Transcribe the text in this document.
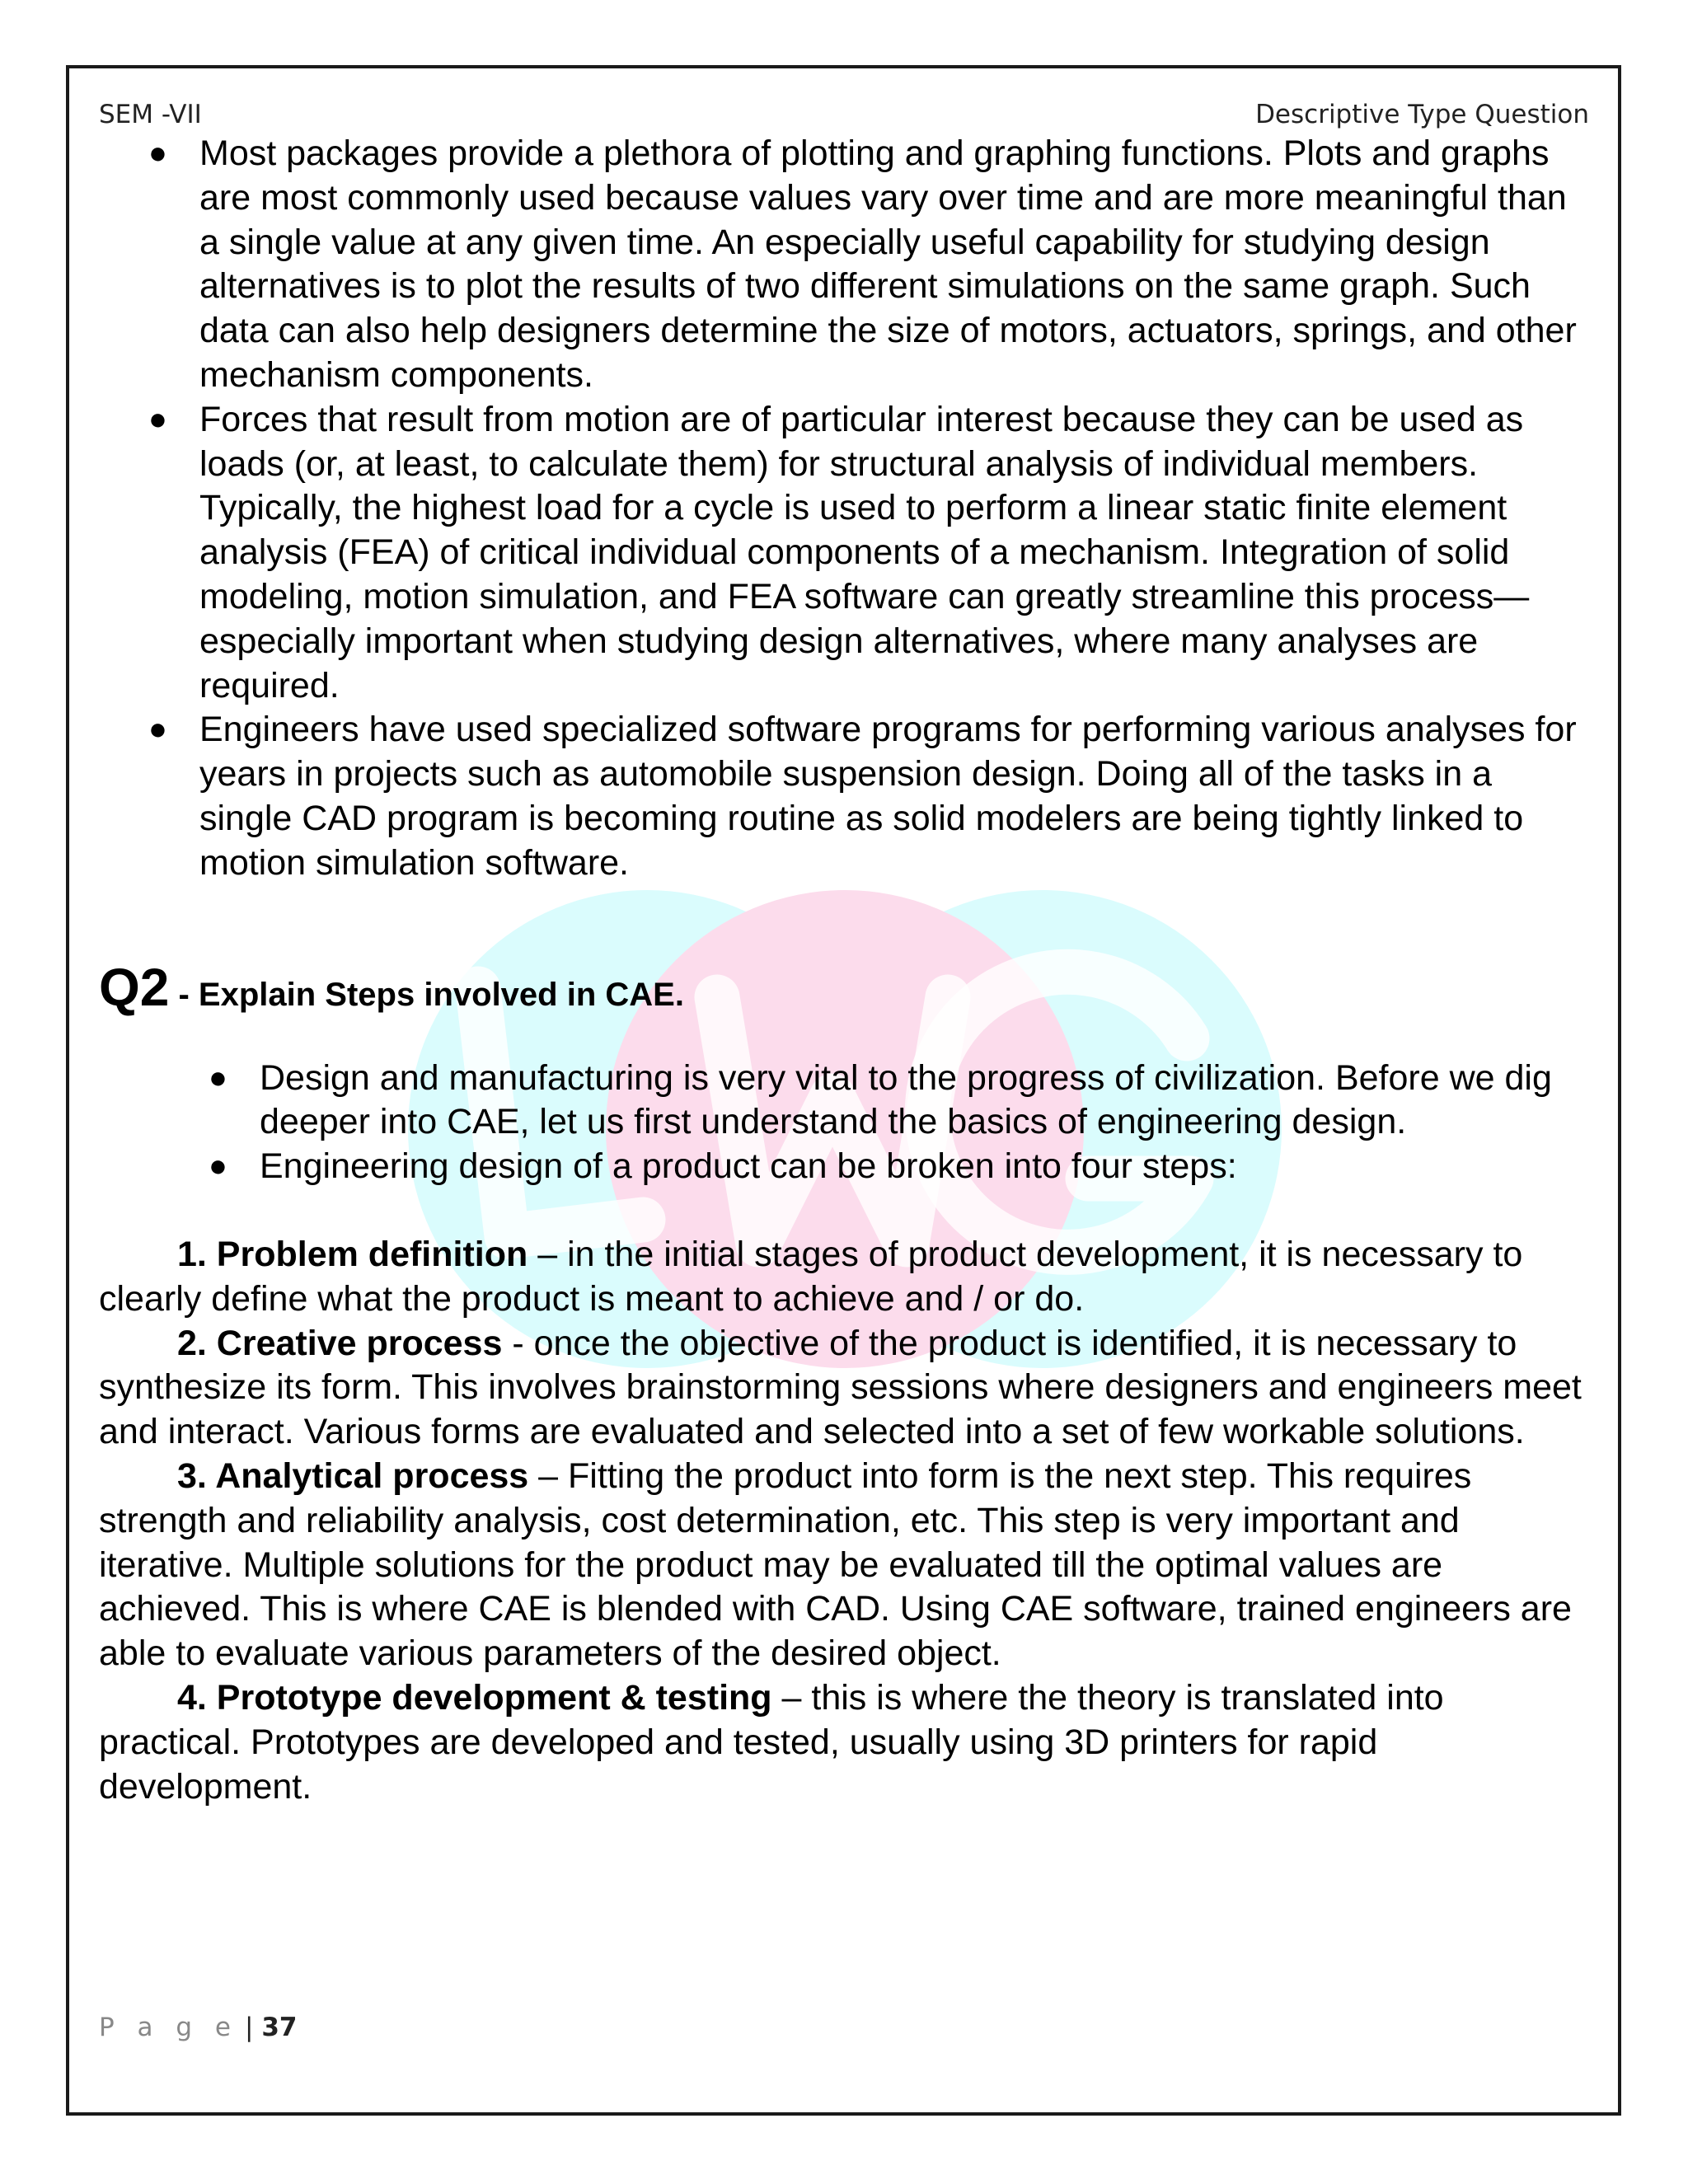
SEM -VII	Descriptive Type Question
● Most packages provide a plethora of plotting and graphing functions. Plots and graphs are most commonly used because values vary over time and are more meaningful than a single value at any given time. An especially useful capability for studying design alternatives is to plot the results of two different simulations on the same graph. Such data can also help designers determine the size of motors, actuators, springs, and other mechanism components.
● Forces that result from motion are of particular interest because they can be used as loads (or, at least, to calculate them) for structural analysis of individual members. Typically, the highest load for a cycle is used to perform a linear static finite element analysis (FEA) of critical individual components of a mechanism. Integration of solid modeling, motion simulation, and FEA software can greatly streamline this process—especially important when studying design alternatives, where many analyses are required.
● Engineers have used specialized software programs for performing various analyses for years in projects such as automobile suspension design. Doing all of the tasks in a single CAD program is becoming routine as solid modelers are being tightly linked to motion simulation software.

Q2 - Explain Steps involved in CAE.

● Design and manufacturing is very vital to the progress of civilization. Before we dig deeper into CAE, let us first understand the basics of engineering design.
● Engineering design of a product can be broken into four steps:

1. Problem definition – in the initial stages of product development, it is necessary to clearly define what the product is meant to achieve and / or do.

2. Creative process - once the objective of the product is identified, it is necessary to synthesize its form. This involves brainstorming sessions where designers and engineers meet and interact. Various forms are evaluated and selected into a set of few workable solutions.

3. Analytical process – Fitting the product into form is the next step. This requires strength and reliability analysis, cost determination, etc. This step is very important and iterative. Multiple solutions for the product may be evaluated till the optimal values are achieved. This is where CAE is blended with CAD. Using CAE software, trained engineers are able to evaluate various parameters of the desired object.

4. Prototype development & testing – this is where the theory is translated into practical. Prototypes are developed and tested, usually using 3D printers for rapid development.

P a g e | 37
